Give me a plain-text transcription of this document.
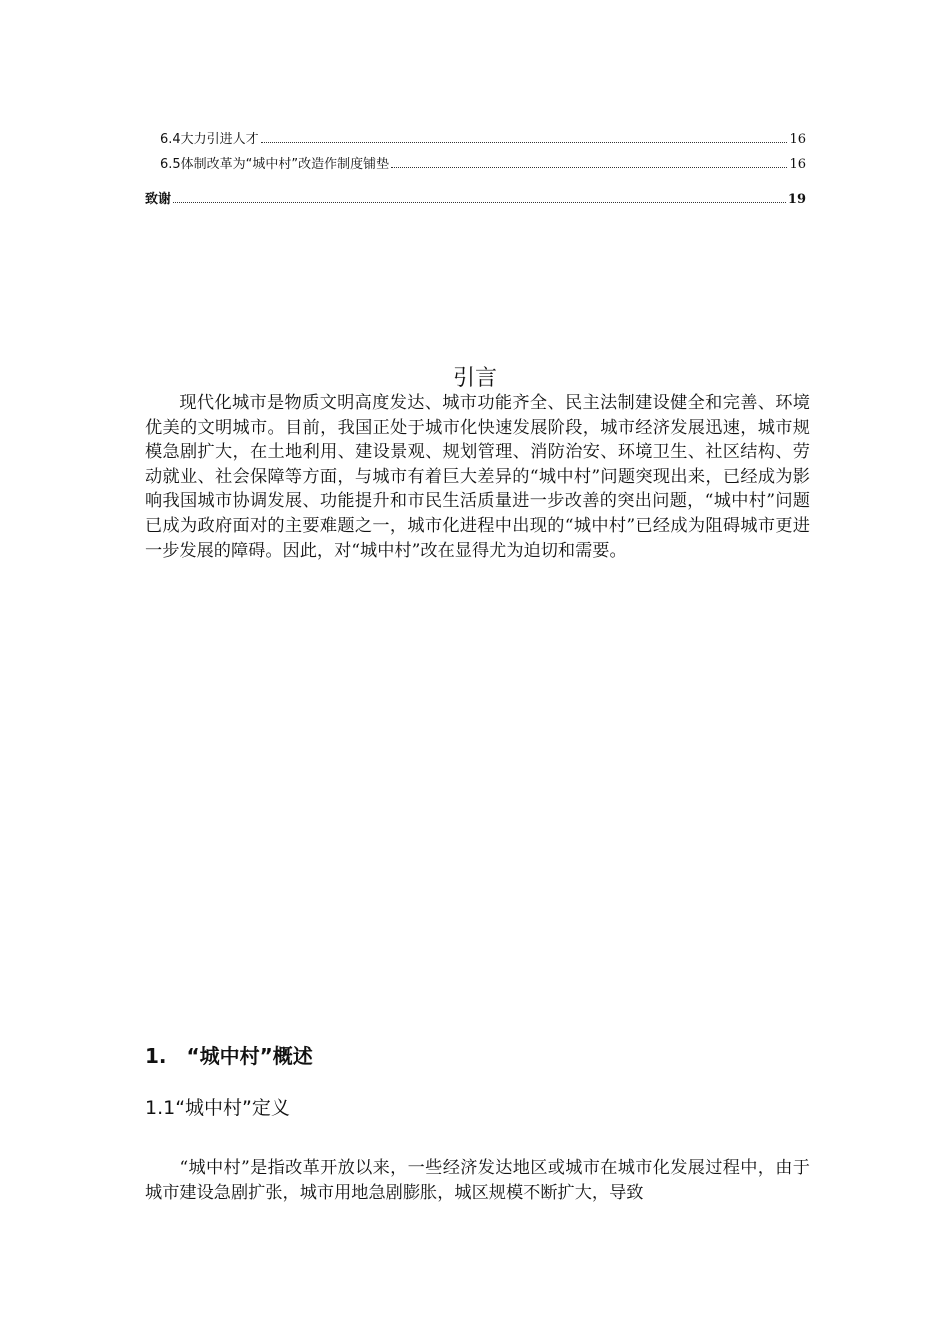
6.4大力引进人才	16
6.5体制改革为“城中村”改造作制度铺垫	16
致谢	19
引言

现代化城市是物质文明高度发达、城市功能齐全、民主法制建设健全和完善、环境优美的文明城市。目前，我国正处于城市化快速发展阶段，城市经济发展迅速，城市规模急剧扩大，在土地利用、建设景观、规划管理、消防治安、环境卫生、社区结构、劳动就业、社会保障等方面，与城市有着巨大差异的“城中村”问题突现出来，已经成为影响我国城市协调发展、功能提升和市民生活质量进一步改善的突出问题，“城中村”问题已成为政府面对的主要难题之一，城市化进程中出现的“城中村”已经成为阻碍城市更进一步发展的障碍。因此，对“城中村”改在显得尤为迫切和需要。

1.　“城中村”概述
1.1“城中村”定义

“城中村”是指改革开放以来，一些经济发达地区或城市在城市化发展过程中，由于城市建设急剧扩张，城市用地急剧膨胀，城区规模不断扩大，导致
